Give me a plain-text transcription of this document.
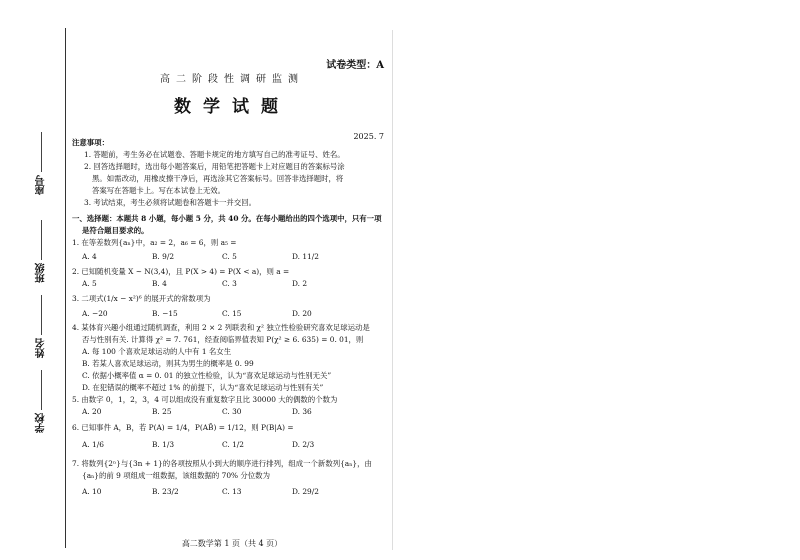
座号
班级
姓名
学校
试卷类型：A
高二阶段性调研监测
数学试题
2025. 7
注意事项：
1. 答题前，考生务必在试题卷、答题卡规定的地方填写自己的准考证号、姓名。
2. 回答选择题时，选出每小题答案后，用铅笔把答题卡上对应题目的答案标号涂
黑。如需改动，用橡皮擦干净后，再选涂其它答案标号。回答非选择题时，将
答案写在答题卡上。写在本试卷上无效。
3. 考试结束，考生必须将试题卷和答题卡一并交回。
一、选择题：本题共 8 小题，每小题 5 分，共 40 分。在每小题给出的四个选项中，只有一项
是符合题目要求的。
1. 在等差数列{aₙ}中，a₂ = 2，a₆ = 6，则 a₅ =
A. 4	B. 9/2	C. 5	D. 11/2
2. 已知随机变量 X ~ N(3,4)，且 P(X > 4) = P(X < a)，则 a =
A. 5	B. 4	C. 3	D. 2
3. 二项式(1/x − x²)⁶ 的展开式的常数项为
A. −20	B. −15	C. 15	D. 20
4. 某体育兴趣小组通过随机调查，利用 2 × 2 列联表和 χ² 独立性检验研究喜欢足球运动是
否与性别有关. 计算得 χ² = 7. 761，经查阅临界值表知 P(χ² ≥ 6. 635) = 0. 01，则
A. 每 100 个喜欢足球运动的人中有 1 名女生
B. 若某人喜欢足球运动，则其为男生的概率是 0. 99
C. 依据小概率值 α = 0. 01 的独立性检验，认为“喜欢足球运动与性别无关”
D. 在犯错误的概率不超过 1% 的前提下，认为“喜欢足球运动与性别有关”
5. 由数字 0，1，2，3，4 可以组成没有重复数字且比 30000 大的偶数的个数为
A. 20	B. 25	C. 30	D. 36
6. 已知事件 A，B，若 P(A) = 1/4，P(AB̄) = 1/12，则 P(B|A) =
A. 1/6	B. 1/3	C. 1/2	D. 2/3
7. 将数列{2ⁿ}与{3n + 1}的各项按照从小到大的顺序进行排列，组成一个新数列{aₙ}，由
{aₙ}的前 9 项组成一组数据，该组数据的 70% 分位数为
A. 10	B. 23/2	C. 13	D. 29/2
高二数学第 1 页（共 4 页）
